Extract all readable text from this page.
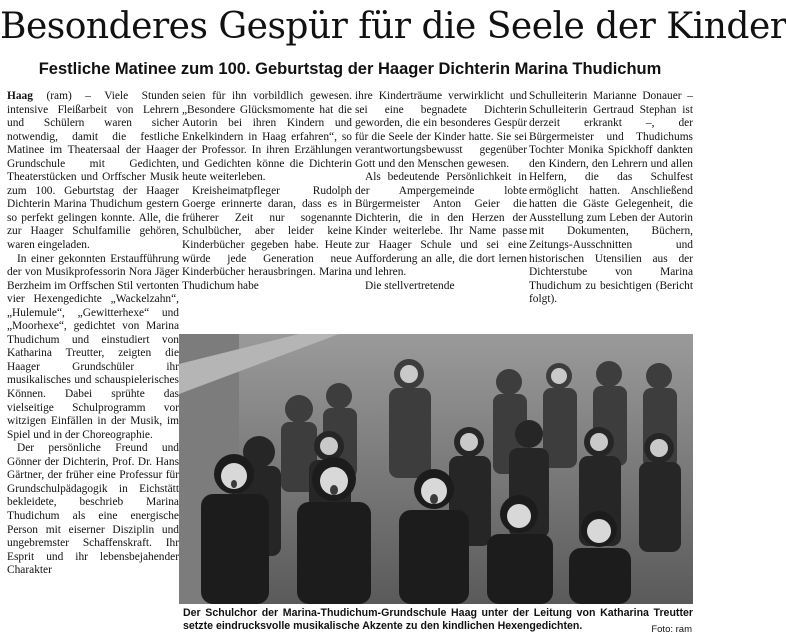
Besonderes Gespür für die Seele der Kinder
Festliche Matinee zum 100. Geburtstag der Haager Dichterin Marina Thudichum

Haag (ram) – Viele Stunden intensive Fleißarbeit von Lehrern und Schülern waren sicher notwendig, damit die festliche Matinee im Theatersaal der Haager Grundschule mit Gedichten, Theaterstücken und Orffscher Musik zum 100. Geburtstag der Haager Dichterin Marina Thudichum gestern so perfekt gelingen konnte. Alle, die zur Haager Schulfamilie gehören, waren eingeladen.

In einer gekonnten Erstaufführung der von Musikprofessorin Nora Jäger Berzheim im Orffschen Stil vertonten vier Hexengedichte „Wackelzahn“, „Hulemule“, „Gewitterhexe“ und „Moorhexe“, gedichtet von Marina Thudichum und einstudiert von Katharina Treutter, zeigten die Haager Grundschüler ihr musikalisches und schauspielerisches Können. Dabei sprühte das vielseitige Schulprogramm vor witzigen Einfällen in der Musik, im Spiel und in der Choreographie.

Der persönliche Freund und Gönner der Dichterin, Prof. Dr. Hans Gärtner, der früher eine Professur für Grundschulpädagogik in Eichstätt bekleidete, beschrieb Marina Thudichum als eine energische Person mit eiserner Disziplin und ungebremster Schaffenskraft. Ihr Esprit und ihr lebensbejahender Charakter

seien für ihn vorbildlich gewesen. „Besondere Glücksmomente hat die Autorin bei ihren Kindern und Enkelkindern in Haag erfahren“, so der Professor. In ihren Erzählungen und Gedichten könne die Dichterin heute weiterleben.

Kreisheimatpfleger Rudolph Goerge erinnerte daran, dass es in früherer Zeit nur sogenannte Schulbücher, aber leider keine Kinderbücher gegeben habe. Heute würde jede Generation neue Kinderbücher herausbringen. Marina Thudichum habe

ihre Kinderträume verwirklicht und sei eine begnadete Dichterin geworden, die ein besonderes Gespür für die Seele der Kinder hatte. Sie sei verantwortungsbewusst gegenüber Gott und den Menschen gewesen.

Als bedeutende Persönlichkeit in der Ampergemeinde lobte Bürgermeister Anton Geier die Dichterin, die in den Herzen der Kinder weiterlebe. Ihr Name passe zur Haager Schule und sei eine Aufforderung an alle, die dort lernen und lehren.

Die stellvertretende

Schulleiterin Marianne Donauer – Schulleiterin Gertraud Stephan ist derzeit erkrankt –, der Bürgermeister und Thudichums Tochter Monika Spickhoff dankten den Kindern, den Lehrern und allen Helfern, die das Schulfest ermöglicht hatten. Anschließend hatten die Gäste Gelegenheit, die Ausstellung zum Leben der Autorin mit Dokumenten, Büchern, Zeitungs-Ausschnitten und historischen Utensilien aus der Dichterstube von Marina Thudichum zu besichtigen (Bericht folgt).

Der Schulchor der Marina-Thudichum-Grundschule Haag unter der Leitung von Katharina Treutter setzte eindrucksvolle musikalische Akzente zu den kindlichen Hexengedichten.	Foto: ram
